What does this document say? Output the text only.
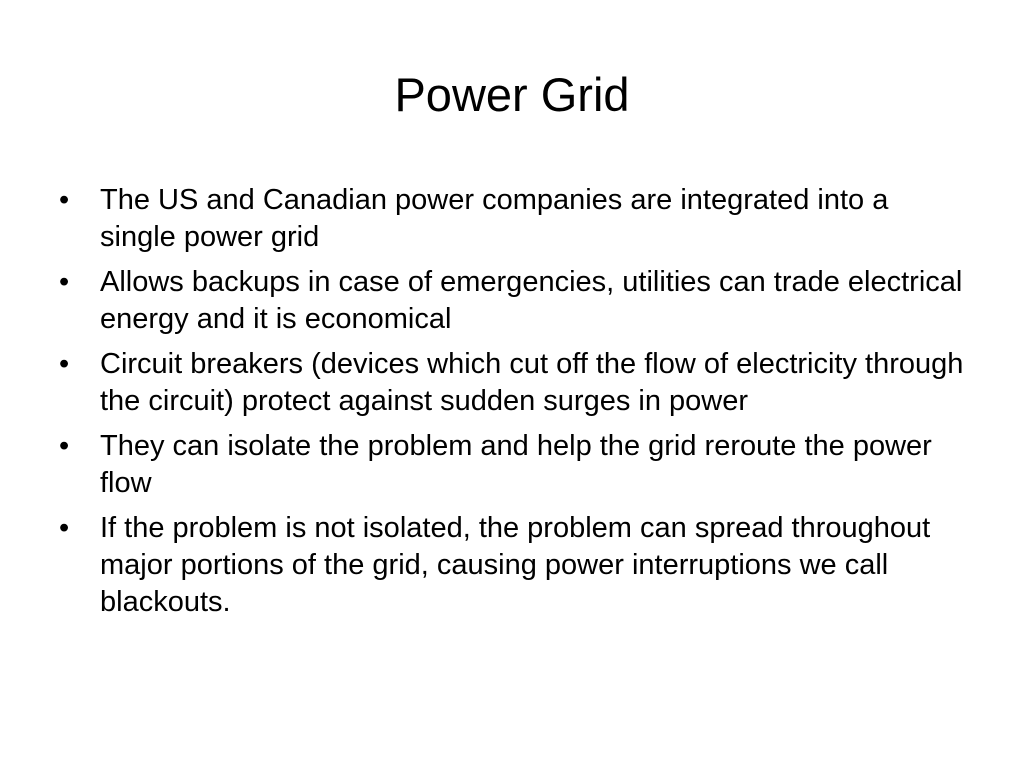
Power Grid
•	The US and Canadian power companies are integrated into a single power grid
•	Allows backups in case of emergencies, utilities can trade electrical energy and it is economical
•	Circuit breakers (devices which cut off the flow of electricity through the circuit) protect against sudden surges in power
•	They can isolate the problem and help the grid reroute the power flow
•	If the problem is not isolated, the problem can spread throughout major portions of the grid, causing power interruptions we call blackouts.
